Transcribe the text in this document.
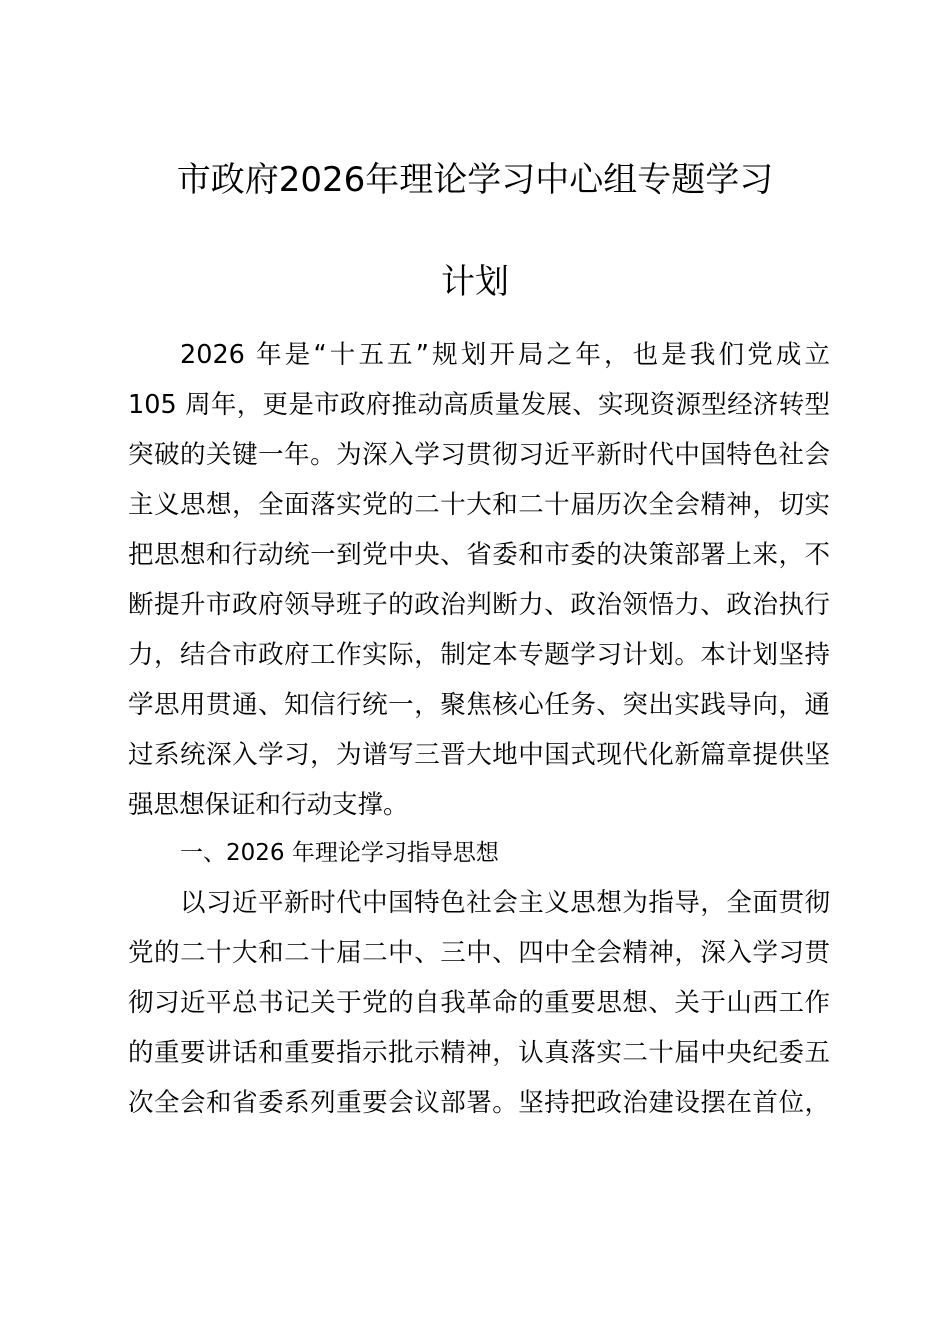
市政府2026年理论学习中心组专题学习
计划
2026 年是“十五五”规划开局之年，也是我们党成立
105 周年，更是市政府推动高质量发展、实现资源型经济转型
突破的关键一年。为深入学习贯彻习近平新时代中国特色社会
主义思想，全面落实党的二十大和二十届历次全会精神，切实
把思想和行动统一到党中央、省委和市委的决策部署上来，不
断提升市政府领导班子的政治判断力、政治领悟力、政治执行
力，结合市政府工作实际，制定本专题学习计划。本计划坚持
学思用贯通、知信行统一，聚焦核心任务、突出实践导向，通
过系统深入学习，为谱写三晋大地中国式现代化新篇章提供坚
强思想保证和行动支撑。
一、2026 年理论学习指导思想
以习近平新时代中国特色社会主义思想为指导，全面贯彻
党的二十大和二十届二中、三中、四中全会精神，深入学习贯
彻习近平总书记关于党的自我革命的重要思想、关于山西工作
的重要讲话和重要指示批示精神，认真落实二十届中央纪委五
次全会和省委系列重要会议部署。坚持把政治建设摆在首位，
